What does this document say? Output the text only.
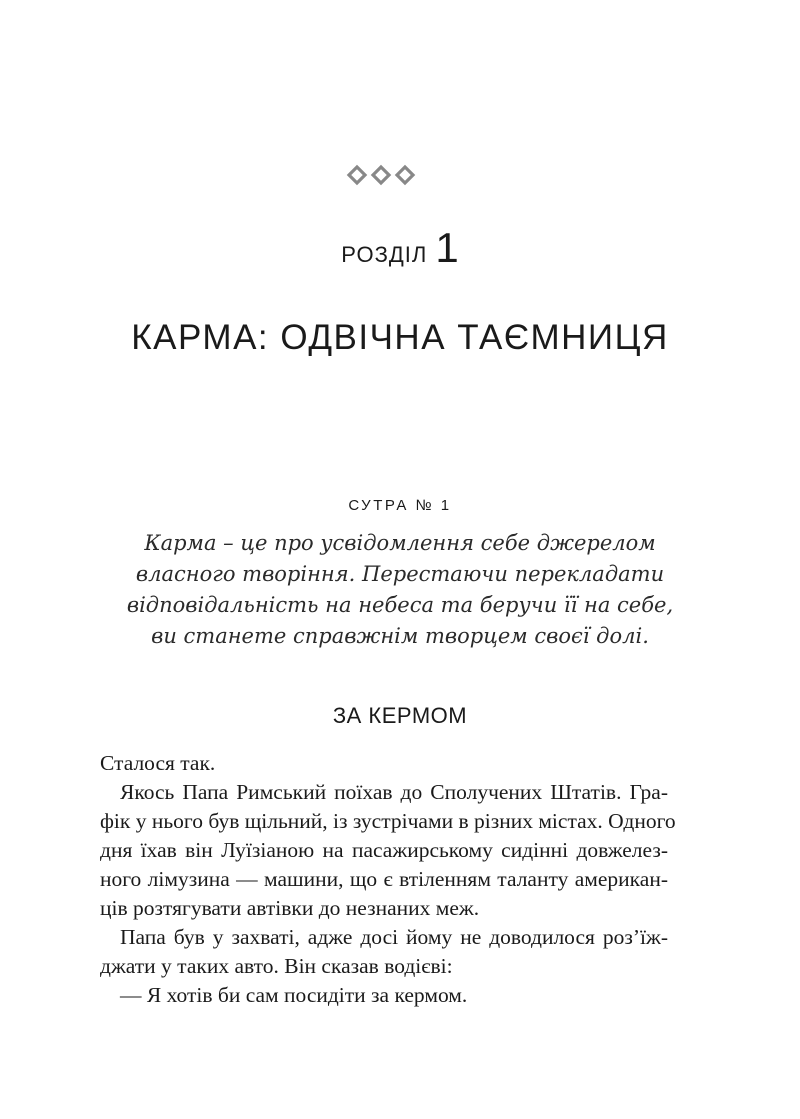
РОЗДІЛ 1
КАРМА: ОДВІЧНА ТАЄМНИЦЯ
СУТРА № 1
Карма – це про усвідомлення себе джерелом
власного творіння. Перестаючи перекладати
відповідальність на небеса та беручи її на себе,
ви станете справжнім творцем своєї долі.
ЗА КЕРМОМ
Сталося так.
Якось Папа Римський поїхав до Сполучених Штатів. Гра-
фік у нього був щільний, із зустрічами в різних містах. Одного
дня їхав він Луїзіаною на пасажирському сидінні довжелез-
ного лімузина — машини, що є втіленням таланту американ-
ців розтягувати автівки до незнаних меж.
Папа був у захваті, адже досі йому не доводилося роз’їж-
джати у таких авто. Він сказав водієві:
— Я хотів би сам посидіти за кермом.
